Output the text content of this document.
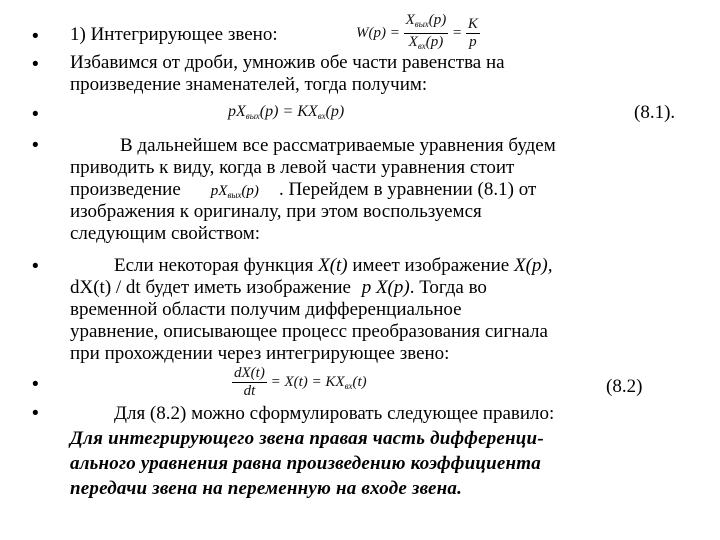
•
•
•
•
•
•
•
1) Интегрирующее звено:	$W(p) = \frac{X_{вых}(p)}{X_{вх}(p)} = \frac{K}{p}$
Избавимся от дроби, умножив обе части равенства на
произведение знаменателей, тогда получим:
$pX_{вых}(p) = KX_{вх}(p)$	(8.1).
В дальнейшем все рассматриваемые уравнения будем
приводить к виду, когда в левой части уравнения стоит
произведение $pX_{вых}(p)$ . Перейдем в уравнении (8.1) от
изображения к оригиналу, при этом воспользуемся
следующим свойством:
Если некоторая функция X(t) имеет изображение X(p),
dX(t) / dt будет иметь изображение p X(p). Тогда во
временной области получим дифференциальное
уравнение, описывающее процесс преобразования сигнала
при прохождении через интегрирующее звено:
$\frac{dX(t)}{dt} = X(t) = KX_{вх}(t)$	(8.2)
Для (8.2) можно сформулировать следующее правило:
Для интегрирующего звена правая часть дифференци-
ального уравнения равна произведению коэффициента
передачи звена на переменную на входе звена.
